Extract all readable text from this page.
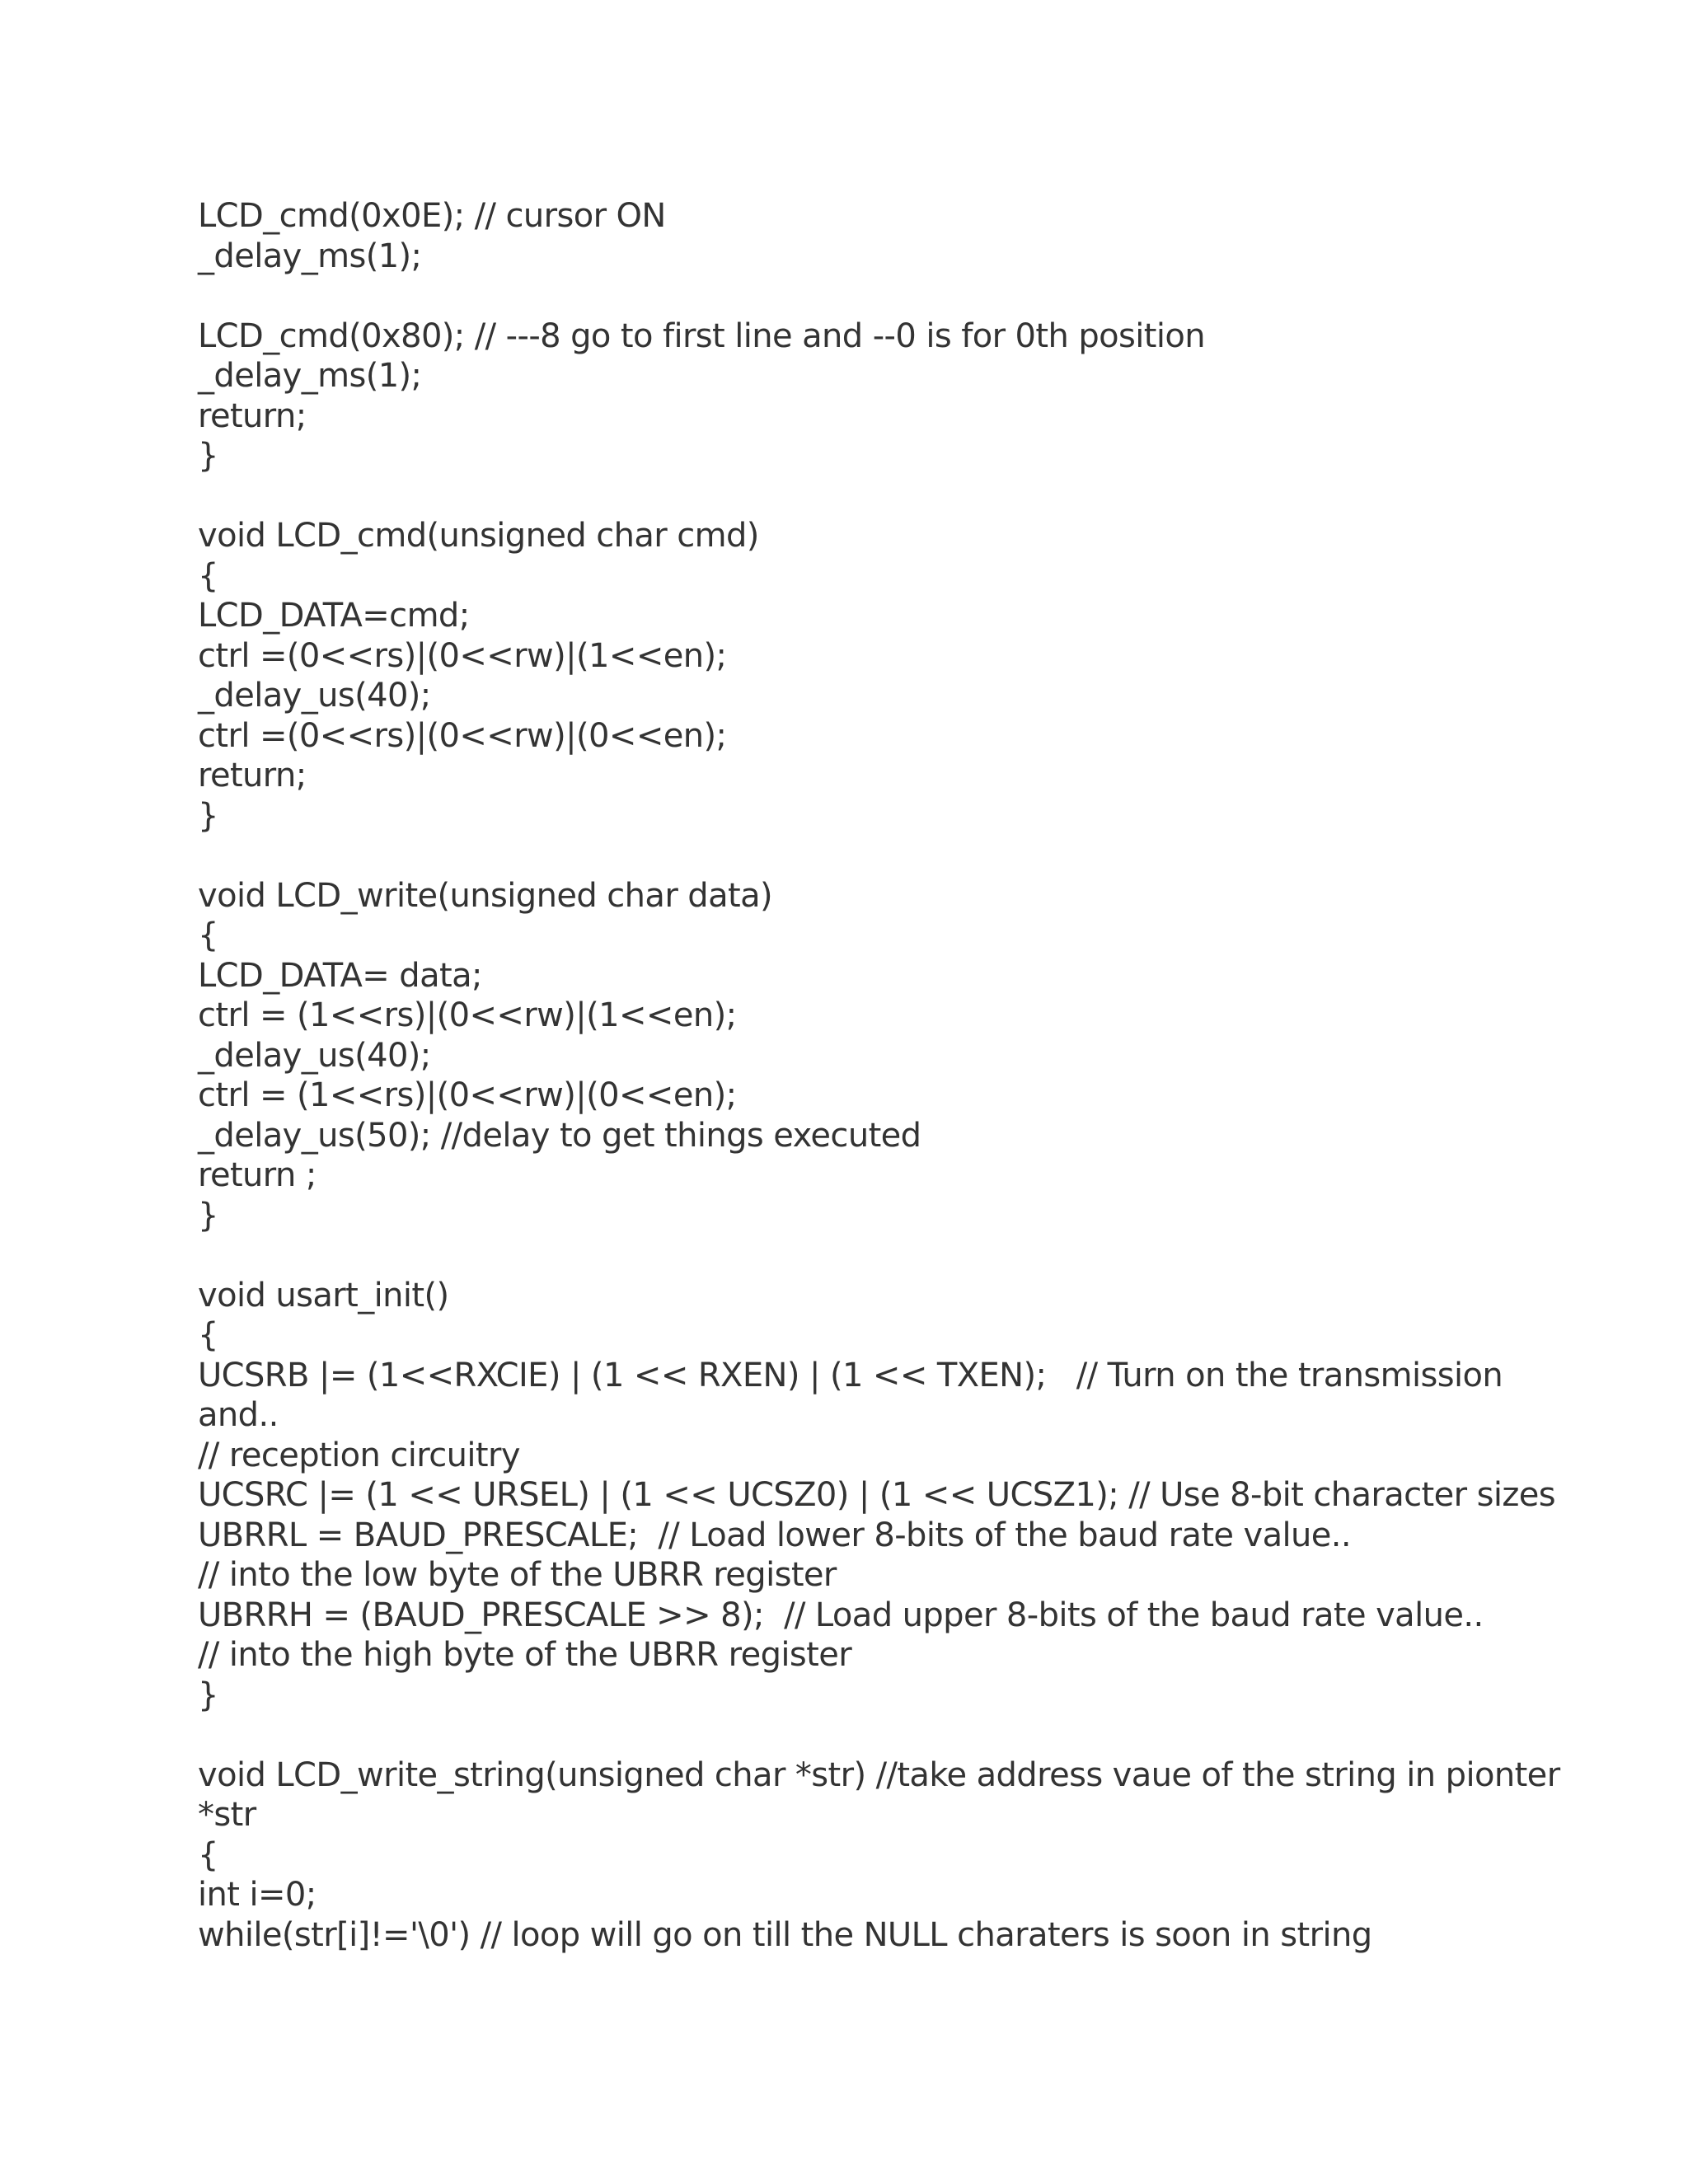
LCD_cmd(0x0E); // cursor ON
_delay_ms(1);
LCD_cmd(0x80); // ---8 go to first line and --0 is for 0th position
_delay_ms(1);
return;
}
void LCD_cmd(unsigned char cmd)
{
LCD_DATA=cmd;
ctrl =(0<<rs)|(0<<rw)|(1<<en);
_delay_us(40);
ctrl =(0<<rs)|(0<<rw)|(0<<en);
return;
}
void LCD_write(unsigned char data)
{
LCD_DATA= data;
ctrl = (1<<rs)|(0<<rw)|(1<<en);
_delay_us(40);
ctrl = (1<<rs)|(0<<rw)|(0<<en);
_delay_us(50); //delay to get things executed
return ;
}
void usart_init()
{
UCSRB |= (1<<RXCIE) | (1 << RXEN) | (1 << TXEN);   // Turn on the transmission
and..
// reception circuitry
UCSRC |= (1 << URSEL) | (1 << UCSZ0) | (1 << UCSZ1); // Use 8-bit character sizes
UBRRL = BAUD_PRESCALE;  // Load lower 8-bits of the baud rate value..
// into the low byte of the UBRR register
UBRRH = (BAUD_PRESCALE >> 8);  // Load upper 8-bits of the baud rate value..
// into the high byte of the UBRR register
}
void LCD_write_string(unsigned char *str) //take address vaue of the string in pionter
*str
{
int i=0;
while(str[i]!='\0') // loop will go on till the NULL charaters is soon in string
